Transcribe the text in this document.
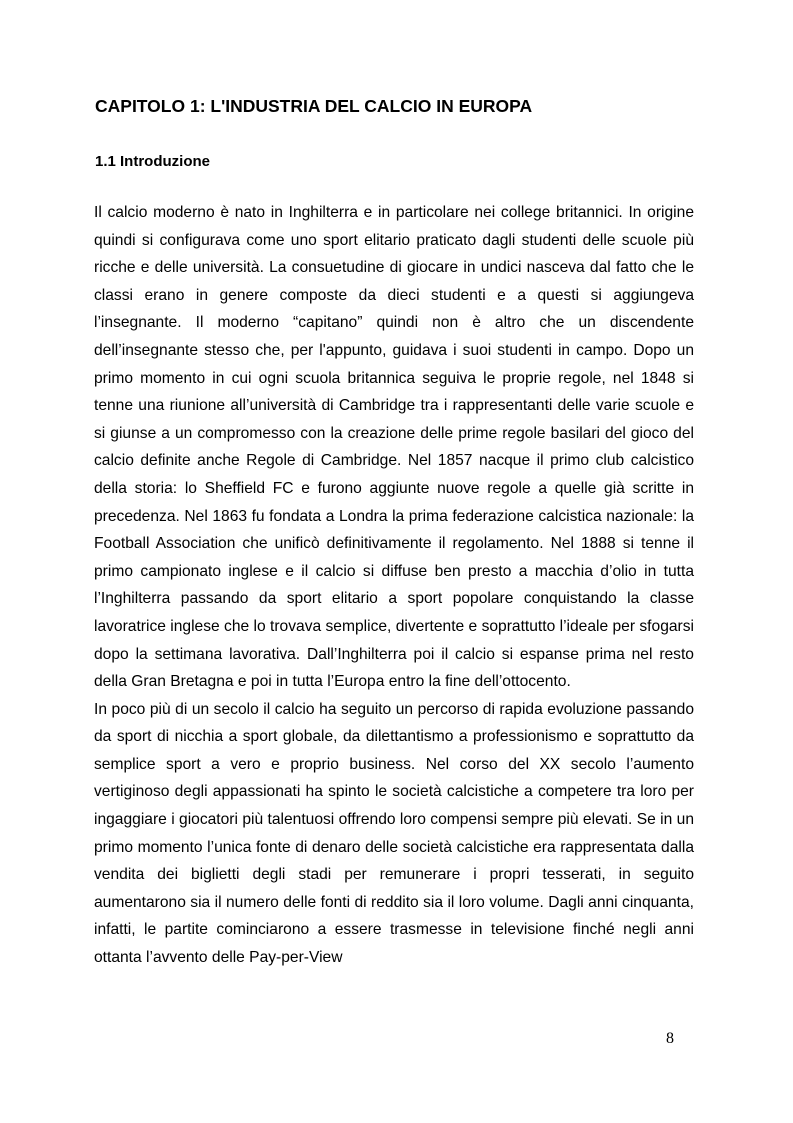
CAPITOLO 1: L'INDUSTRIA DEL CALCIO IN EUROPA
1.1 Introduzione

Il calcio moderno è nato in Inghilterra e in particolare nei college britannici. In origine quindi si configurava come uno sport elitario praticato dagli studenti delle scuole più ricche e delle università. La consuetudine di giocare in undici nasceva dal fatto che le classi erano in genere composte da dieci studenti e a questi si aggiungeva l’insegnante. Il moderno “capitano” quindi non è altro che un discendente dell’insegnante stesso che, per l'appunto, guidava i suoi studenti in campo. Dopo un primo momento in cui ogni scuola britannica seguiva le proprie regole, nel 1848 si tenne una riunione all’università di Cambridge tra i rappresentanti delle varie scuole e si giunse a un compromesso con la creazione delle prime regole basilari del gioco del calcio definite anche Regole di Cambridge. Nel 1857 nacque il primo club calcistico della storia: lo Sheffield FC e furono aggiunte nuove regole a quelle già scritte in precedenza. Nel 1863 fu fondata a Londra la prima federazione calcistica nazionale: la Football Association che unificò definitivamente il regolamento. Nel 1888 si tenne il primo campionato inglese e il calcio si diffuse ben presto a macchia d’olio in tutta l’Inghilterra passando da sport elitario a sport popolare conquistando la classe lavoratrice inglese che lo trovava semplice, divertente e soprattutto l’ideale per sfogarsi dopo la settimana lavorativa. Dall’Inghilterra poi il calcio si espanse prima nel resto della Gran Bretagna e poi in tutta l’Europa entro la fine dell’ottocento.

In poco più di un secolo il calcio ha seguito un percorso di rapida evoluzione passando da sport di nicchia a sport globale, da dilettantismo a professionismo e soprattutto da semplice sport a vero e proprio business. Nel corso del XX secolo l’aumento vertiginoso degli appassionati ha spinto le società calcistiche a competere tra loro per ingaggiare i giocatori più talentuosi offrendo loro compensi sempre più elevati. Se in un primo momento l’unica fonte di denaro delle società calcistiche era rappresentata dalla vendita dei biglietti degli stadi per remunerare i propri tesserati, in seguito aumentarono sia il numero delle fonti di reddito sia il loro volume. Dagli anni cinquanta, infatti, le partite cominciarono a essere trasmesse in televisione finché negli anni ottanta l’avvento delle Pay-per-View

8
